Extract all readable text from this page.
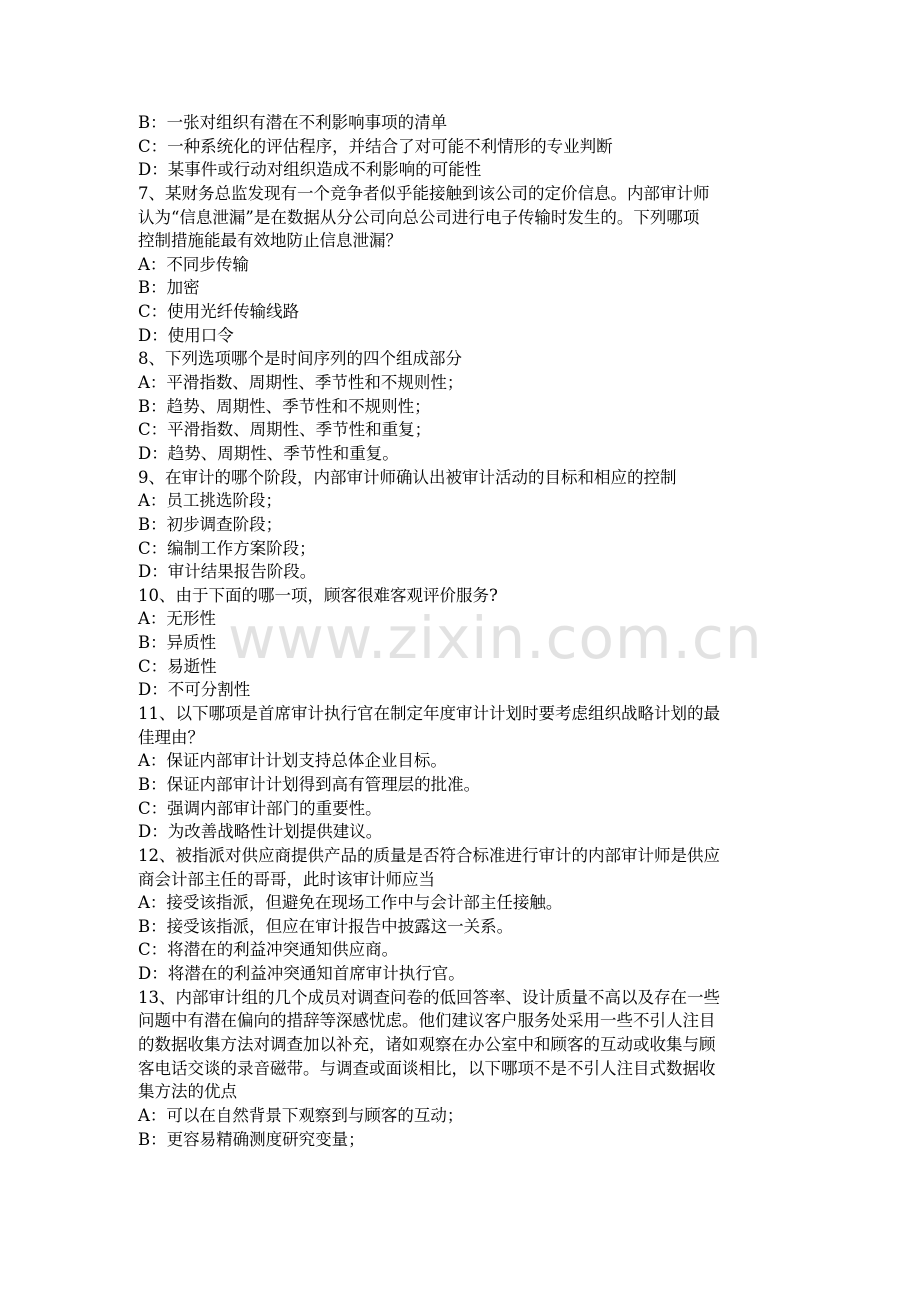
B：一张对组织有潜在不利影响事项的清单
C：一种系统化的评估程序，并结合了对可能不利情形的专业判断
D：某事件或行动对组织造成不利影响的可能性
7、某财务总监发现有一个竞争者似乎能接触到该公司的定价信息。内部审计师
认为“信息泄漏”是在数据从分公司向总公司进行电子传输时发生的。下列哪项
控制措施能最有效地防止信息泄漏？
A：不同步传输
B：加密
C：使用光纤传输线路
D：使用口令
8、下列选项哪个是时间序列的四个组成部分
A：平滑指数、周期性、季节性和不规则性；
B：趋势、周期性、季节性和不规则性；
C：平滑指数、周期性、季节性和重复；
D：趋势、周期性、季节性和重复。
9、在审计的哪个阶段，内部审计师确认出被审计活动的目标和相应的控制
A：员工挑选阶段；
B：初步调查阶段；
C：编制工作方案阶段；
D：审计结果报告阶段。
10、由于下面的哪一项，顾客很难客观评价服务?
A：无形性
B：异质性
C：易逝性
D：不可分割性
11、以下哪项是首席审计执行官在制定年度审计计划时要考虑组织战略计划的最
佳理由？
A：保证内部审计计划支持总体企业目标。
B：保证内部审计计划得到高有管理层的批准。
C：强调内部审计部门的重要性。
D：为改善战略性计划提供建议。
12、被指派对供应商提供产品的质量是否符合标准进行审计的内部审计师是供应
商会计部主任的哥哥，此时该审计师应当
A：接受该指派，但避免在现场工作中与会计部主任接触。
B：接受该指派，但应在审计报告中披露这一关系。
C：将潜在的利益冲突通知供应商。
D：将潜在的利益冲突通知首席审计执行官。
13、内部审计组的几个成员对调查问卷的低回答率、设计质量不高以及存在一些
问题中有潜在偏向的措辞等深感忧虑。他们建议客户服务处采用一些不引人注目
的数据收集方法对调查加以补充，诸如观察在办公室中和顾客的互动或收集与顾
客电话交谈的录音磁带。与调查或面谈相比，以下哪项不是不引人注目式数据收
集方法的优点
A：可以在自然背景下观察到与顾客的互动；
B：更容易精确测度研究变量；
www.zixin.com.cn
